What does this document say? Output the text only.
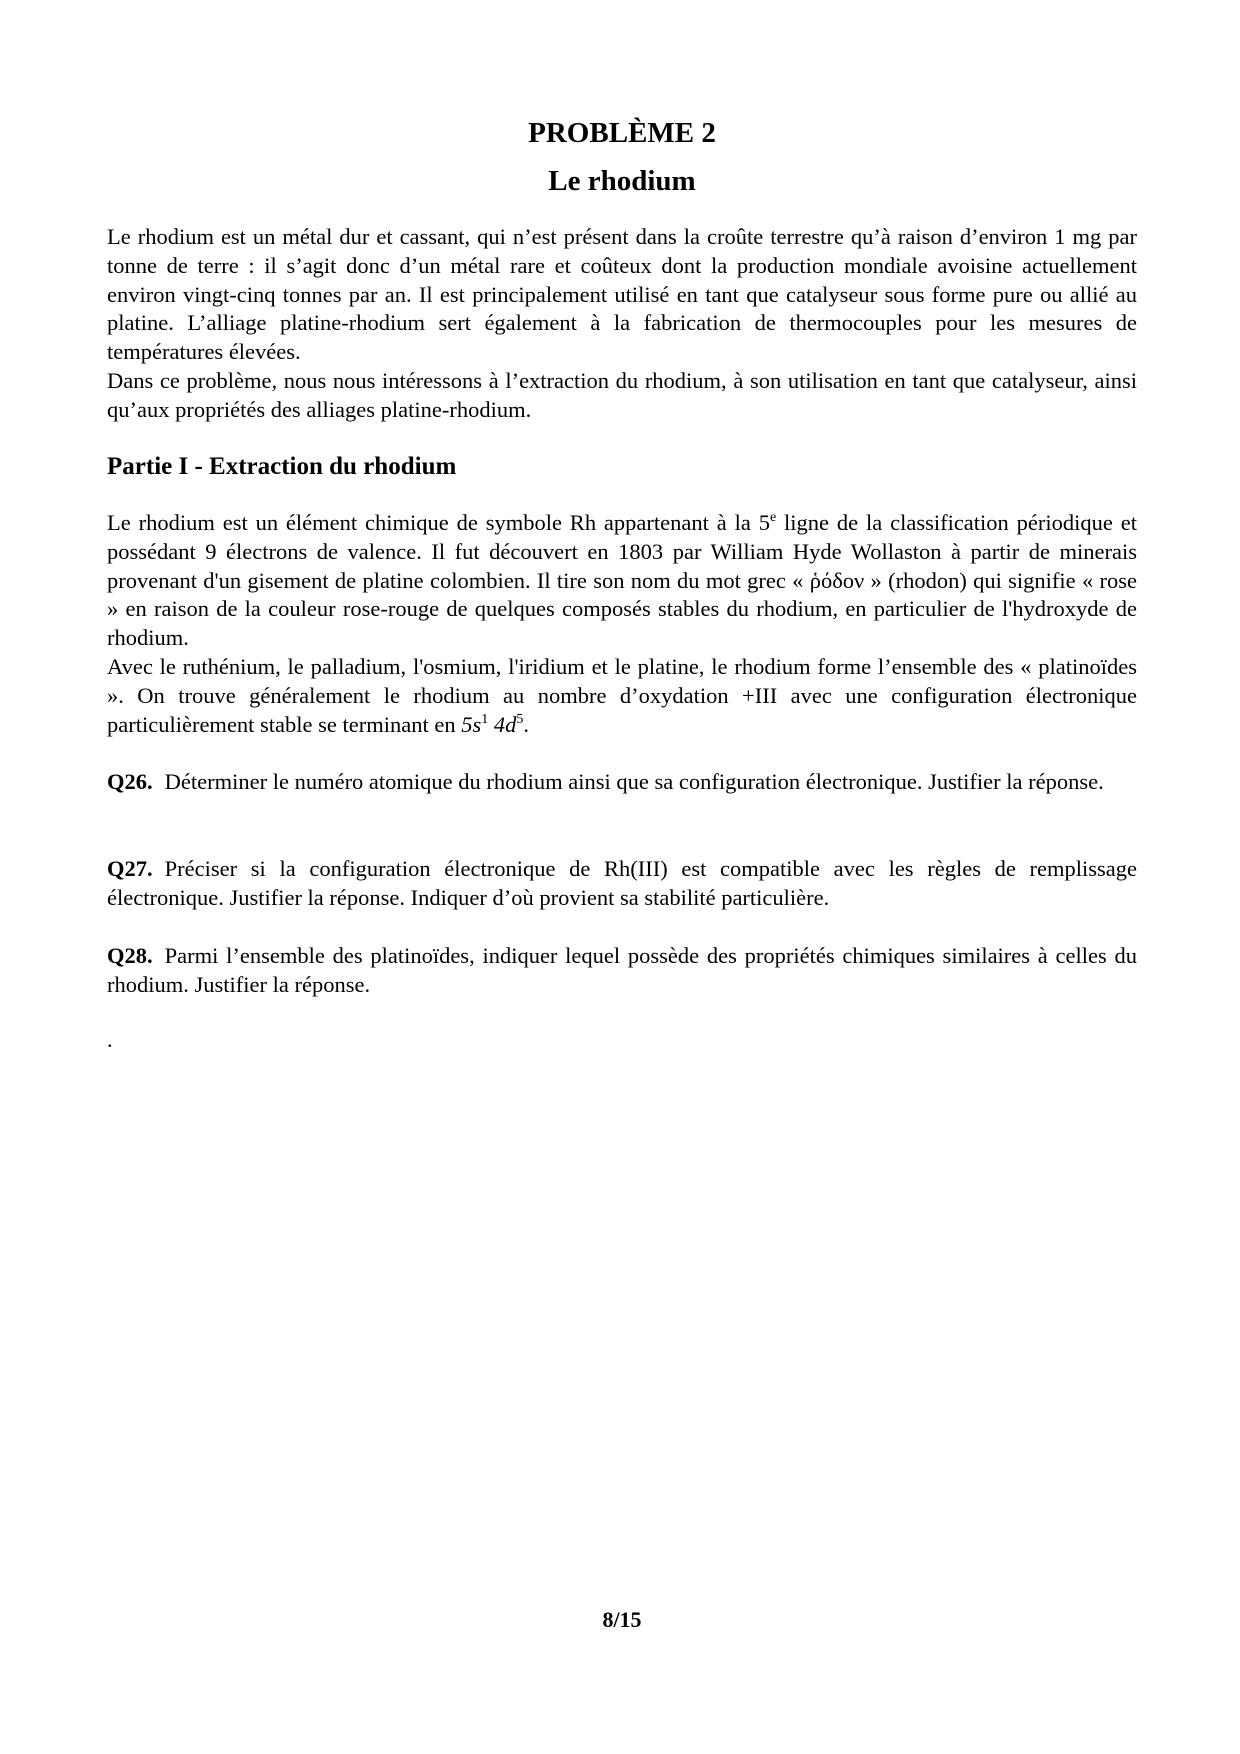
PROBLÈME 2
Le rhodium

Le rhodium est un métal dur et cassant, qui n’est présent dans la croûte terrestre qu’à raison d’environ 1 mg par tonne de terre : il s’agit donc d’un métal rare et coûteux dont la production mondiale avoisine actuellement environ vingt-cinq tonnes par an. Il est principalement utilisé en tant que catalyseur sous forme pure ou allié au platine. L’alliage platine-rhodium sert également à la fabrication de thermocouples pour les mesures de températures élevées.

Dans ce problème, nous nous intéressons à l’extraction du rhodium, à son utilisation en tant que catalyseur, ainsi qu’aux propriétés des alliages platine-rhodium.

Partie I - Extraction du rhodium

Le rhodium est un élément chimique de symbole Rh appartenant à la 5e ligne de la classification périodique et possédant 9 électrons de valence. Il fut découvert en 1803 par William Hyde Wollaston à partir de minerais provenant d'un gisement de platine colombien. Il tire son nom du mot grec « ῥόδον » (rhodon) qui signifie « rose » en raison de la couleur rose-rouge de quelques composés stables du rhodium, en particulier de l'hydroxyde de rhodium.

Avec le ruthénium, le palladium, l'osmium, l'iridium et le platine, le rhodium forme l’ensemble des « platinoïdes ». On trouve généralement le rhodium au nombre d’oxydation +III avec une configuration électronique particulièrement stable se terminant en $5s^1$ $4d^5$.

Q26. Déterminer le numéro atomique du rhodium ainsi que sa configuration électronique. Justifier la réponse.

Q27. Préciser si la configuration électronique de Rh(III) est compatible avec les règles de remplissage électronique. Justifier la réponse. Indiquer d’où provient sa stabilité particulière.

Q28. Parmi l’ensemble des platinoïdes, indiquer lequel possède des propriétés chimiques similaires à celles du rhodium. Justifier la réponse.

.
8/15
